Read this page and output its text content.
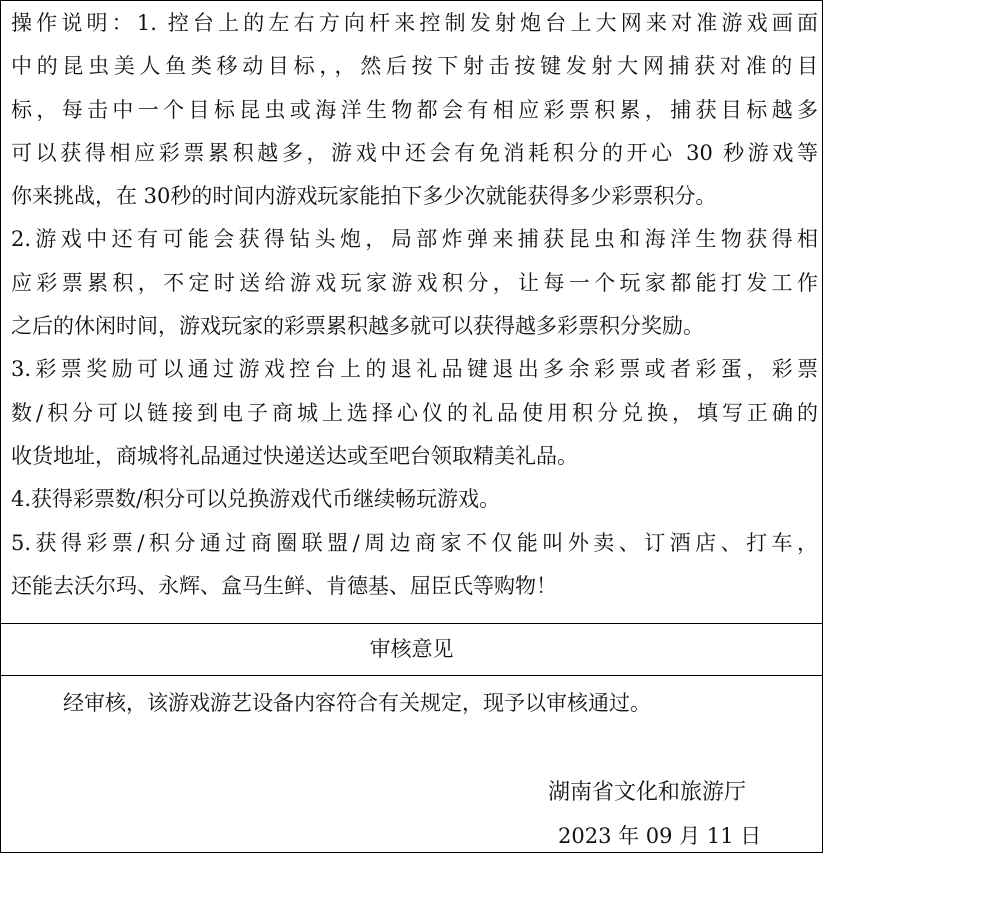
操作说明：1. 控台上的左右方向杆来控制发射炮台上大网来对准游戏画面
中的昆虫美人鱼类移动目标，，然后按下射击按键发射大网捕获对准的目
标，每击中一个目标昆虫或海洋生物都会有相应彩票积累，捕获目标越多
可以获得相应彩票累积越多，游戏中还会有免消耗积分的开心 30 秒游戏等
你来挑战，在 30秒的时间内游戏玩家能拍下多少次就能获得多少彩票积分。
2.游戏中还有可能会获得钻头炮，局部炸弹来捕获昆虫和海洋生物获得相
应彩票累积，不定时送给游戏玩家游戏积分，让每一个玩家都能打发工作
之后的休闲时间，游戏玩家的彩票累积越多就可以获得越多彩票积分奖励。
3.彩票奖励可以通过游戏控台上的退礼品键退出多余彩票或者彩蛋，彩票
数/积分可以链接到电子商城上选择心仪的礼品使用积分兑换，填写正确的
收货地址，商城将礼品通过快递送达或至吧台领取精美礼品。
4.获得彩票数/积分可以兑换游戏代币继续畅玩游戏。
5.获得彩票/积分通过商圈联盟/周边商家不仅能叫外卖、订酒店、打车，
还能去沃尔玛、永辉、盒马生鲜、肯德基、屈臣氏等购物！
审核意见
经审核，该游戏游艺设备内容符合有关规定，现予以审核通过。
湖南省文化和旅游厅
2023 年 09 月 11 日
